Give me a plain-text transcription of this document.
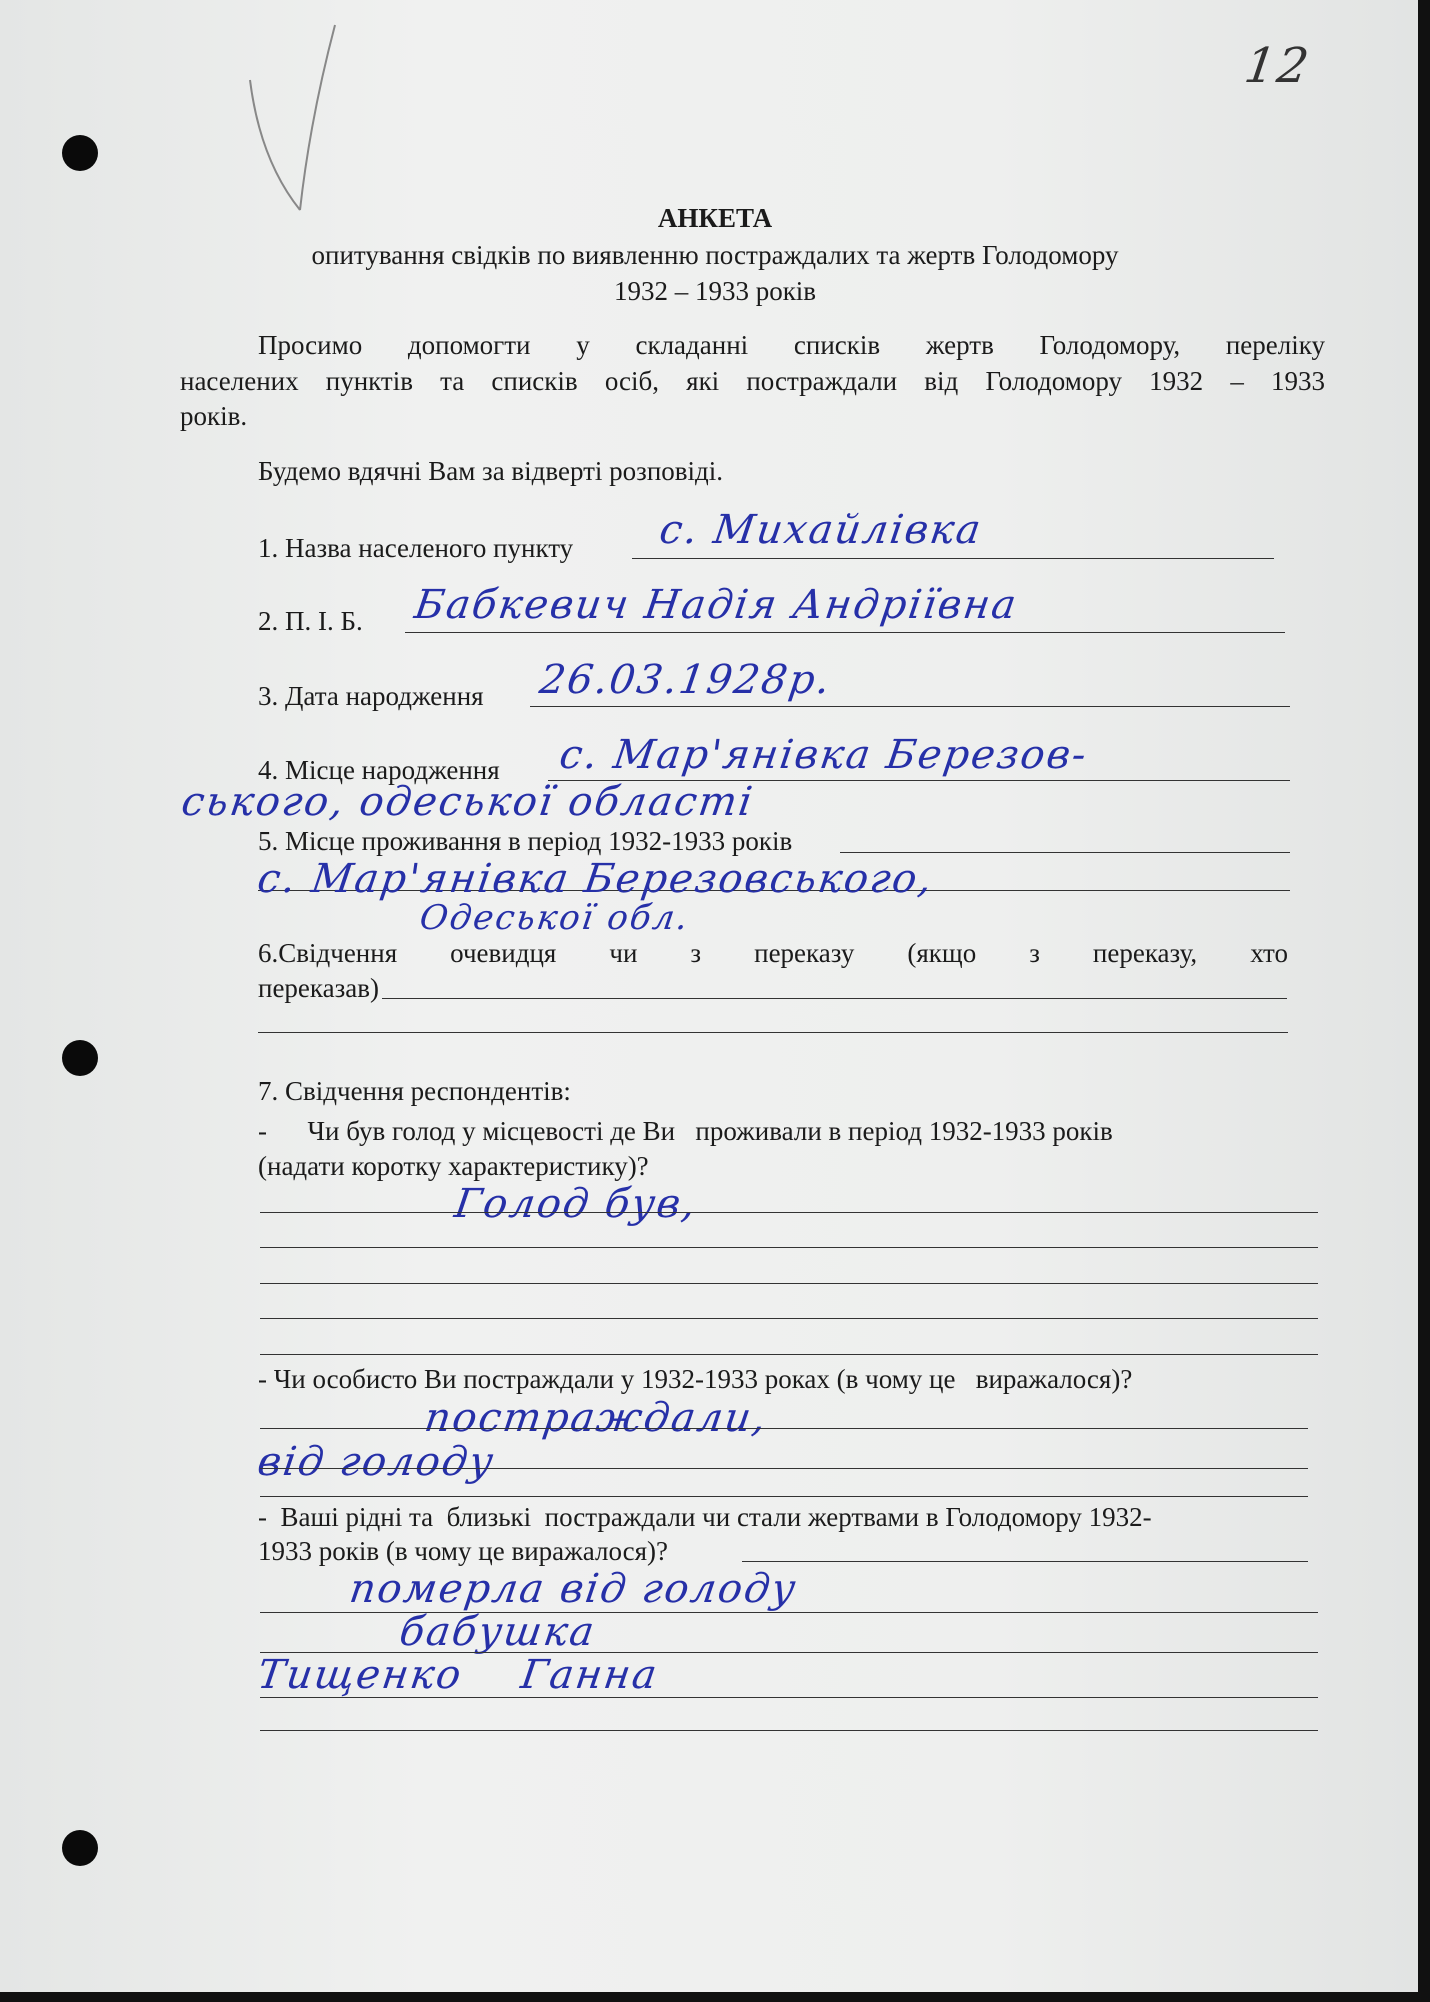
12
АНКЕТА
опитування свідків по виявленню постраждалих та жертв Голодомору
1932 – 1933 років
Просимо допомогти у складанні списків жертв Голодомору, переліку
населених пунктів та списків осіб, які постраждали від Голодомору 1932 – 1933
років.
Будемо вдячні Вам за відверті розповіді.
1. Назва населеного пункту с. Михайлівка
2. П. І. Б. Бабкевич Надія Андріївна
3. Дата народження 26.03.1928р.
4. Місце народження с. Мар'янівка Березов-
ського, одеської області
5. Місце проживання в період 1932-1933 років
с. Мар'янівка Березовського,
Одеської обл.
6.Свідчення    очевидця    чи    з    переказу    (якщо    з    переказу,    хто
переказав)
7. Свідчення респондентів:
-      Чи був голод у місцевості де Ви   проживали в період 1932-1933 років
(надати коротку характеристику)?
Голод був,
- Чи особисто Ви постраждали у 1932-1933 роках (в чому це   виражалося)?
постраждали,
від голоду
-  Ваші рідні та  близькі  постраждали чи стали жертвами в Голодомору 1932-
1933 років (в чому це виражалося)?
померла від голоду
бабушка
Тищенко    Ганна
